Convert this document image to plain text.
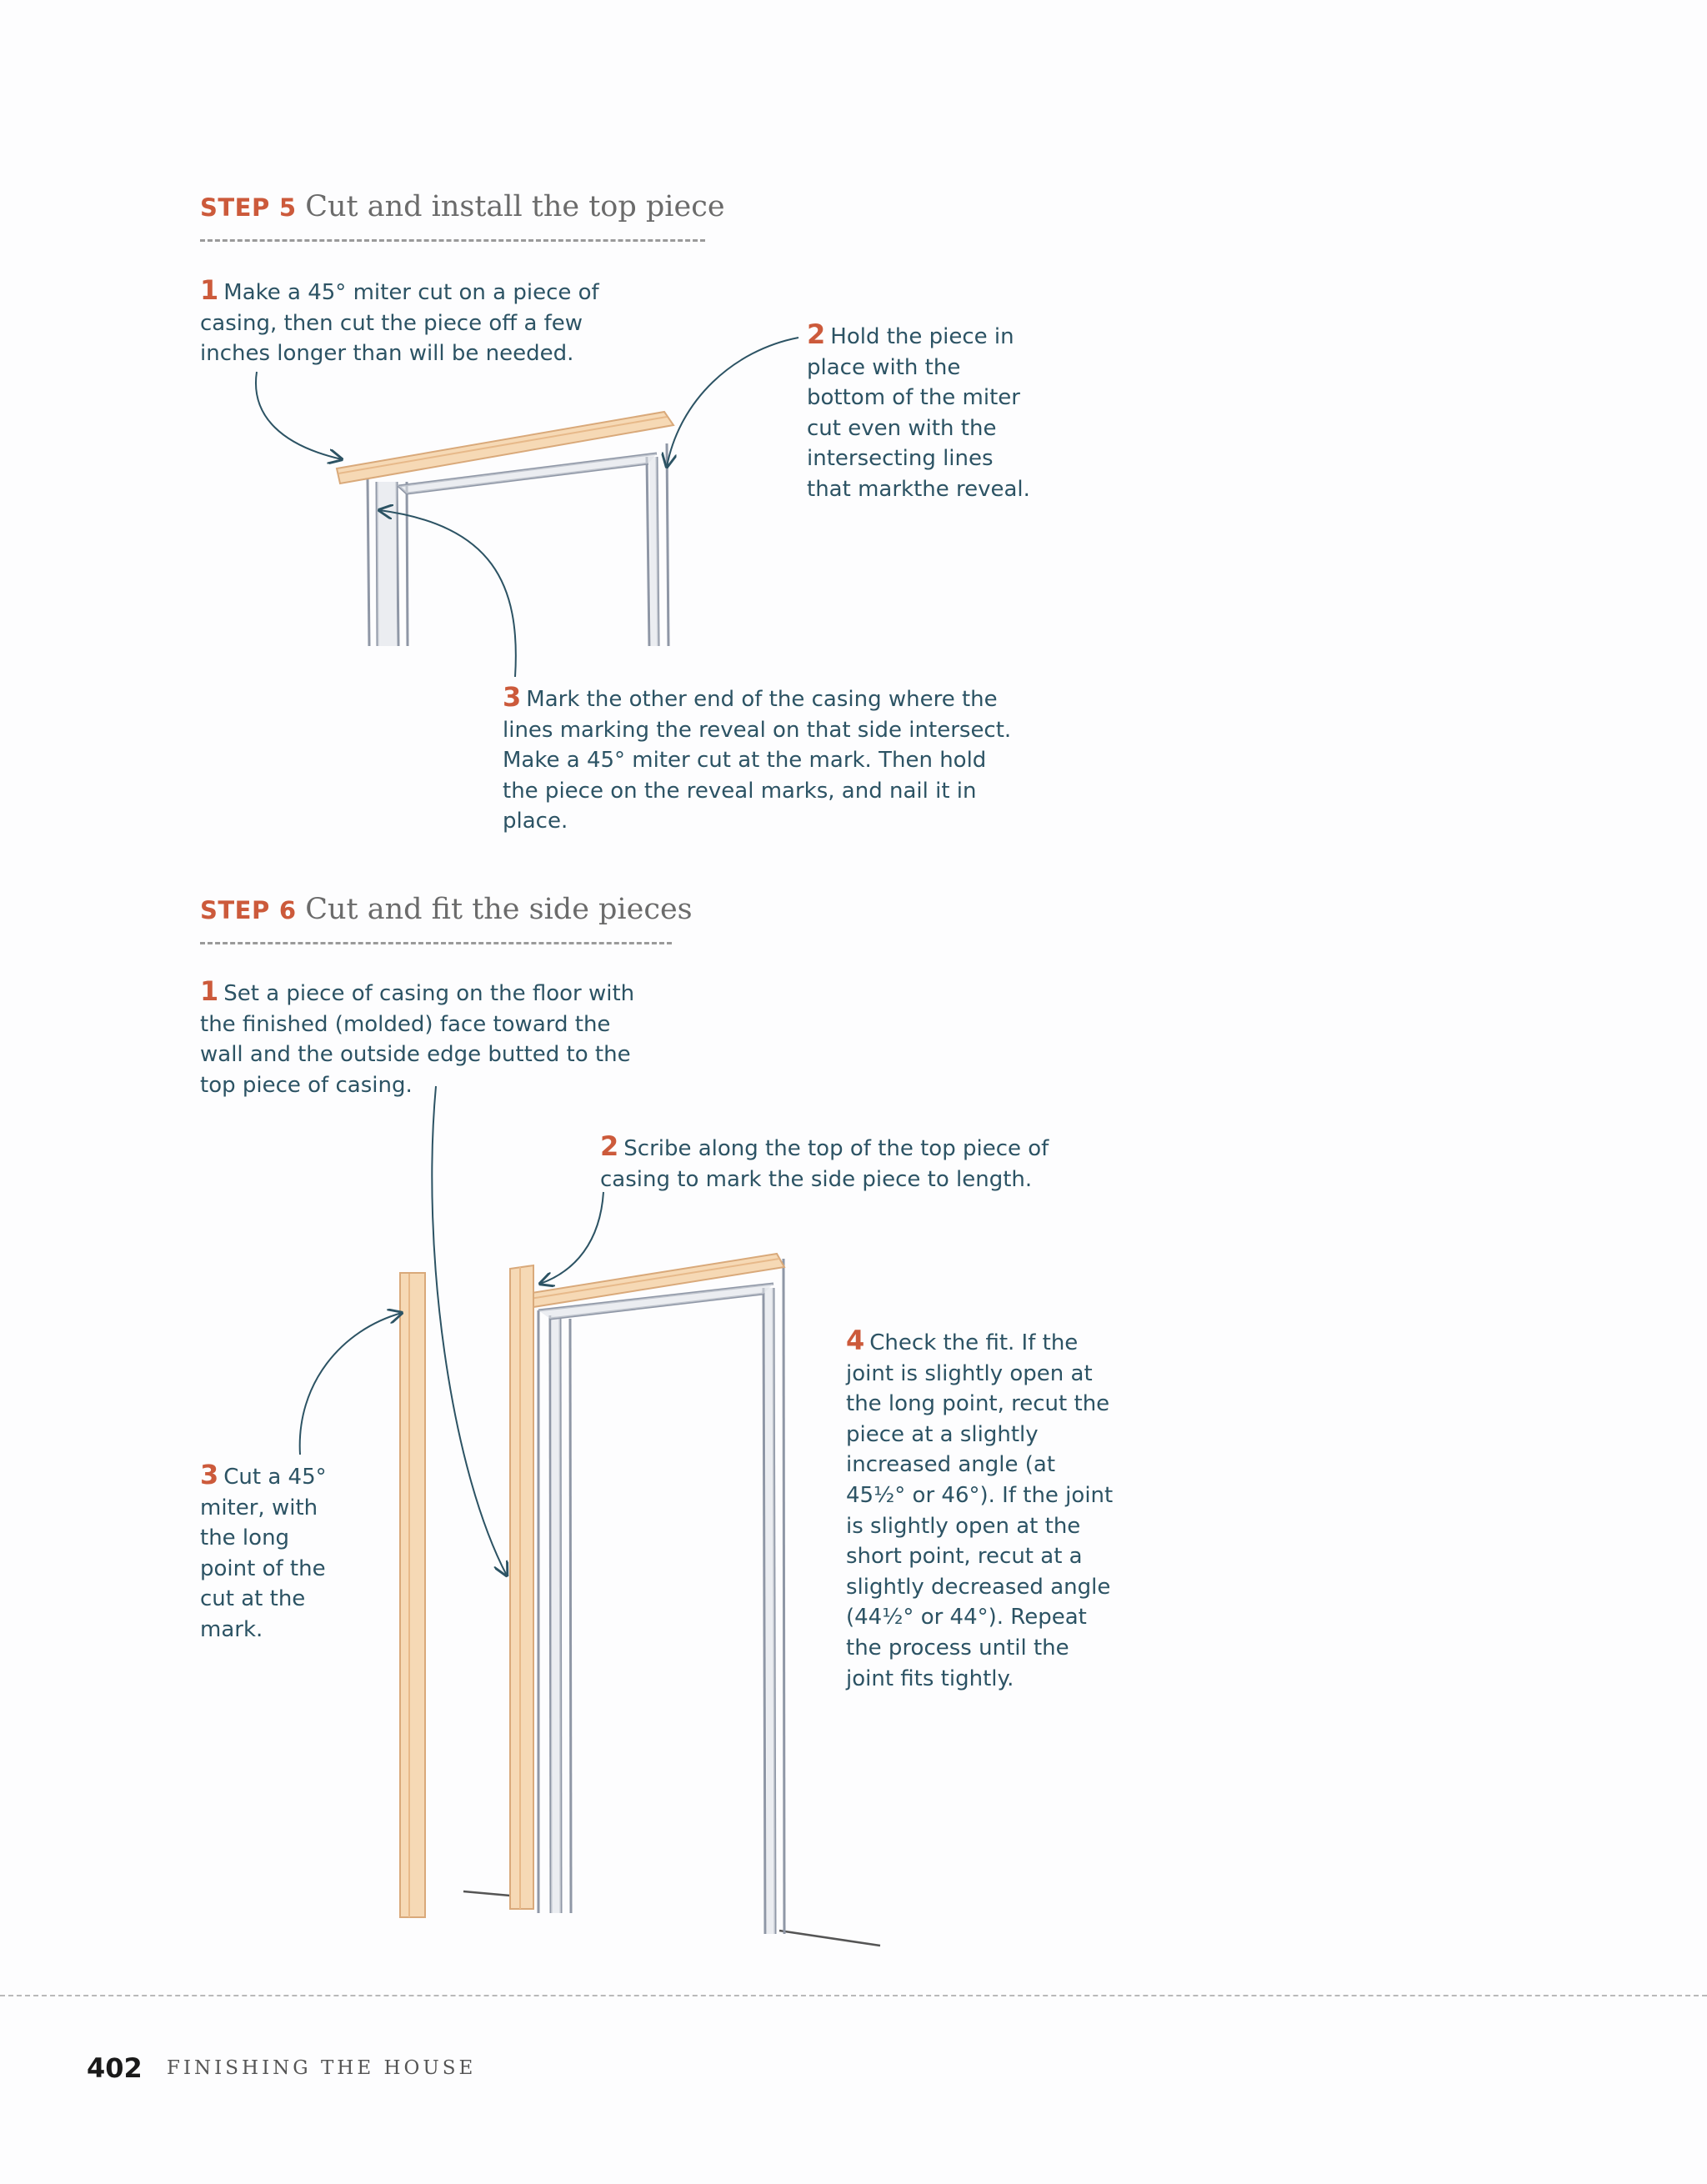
STEP 5 Cut and install the top piece
1 Make a 45° miter cut on a piece of casing, then cut the piece off a few inches longer than will be needed.
2 Hold the piece in place with the bottom of the miter cut even with the intersecting lines that markthe reveal.
3 Mark the other end of the casing where the lines marking the reveal on that side intersect. Make a 45° miter cut at the mark. Then hold the piece on the reveal marks, and nail it in place.
STEP 6 Cut and fit the side pieces
1 Set a piece of casing on the floor with the finished (molded) face toward the wall and the outside edge butted to the top piece of casing.
2 Scribe along the top of the top piece of casing to mark the side piece to length.
3 Cut a 45° miter, with the long point of the cut at the mark.
4 Check the fit. If the joint is slightly open at the long point, recut the piece at a slightly increased angle (at 45½° or 46°). If the joint is slightly open at the short point, recut at a slightly decreased angle (44½° or 44°). Repeat the process until the joint fits tightly.
402 FINISHING THE HOUSE
